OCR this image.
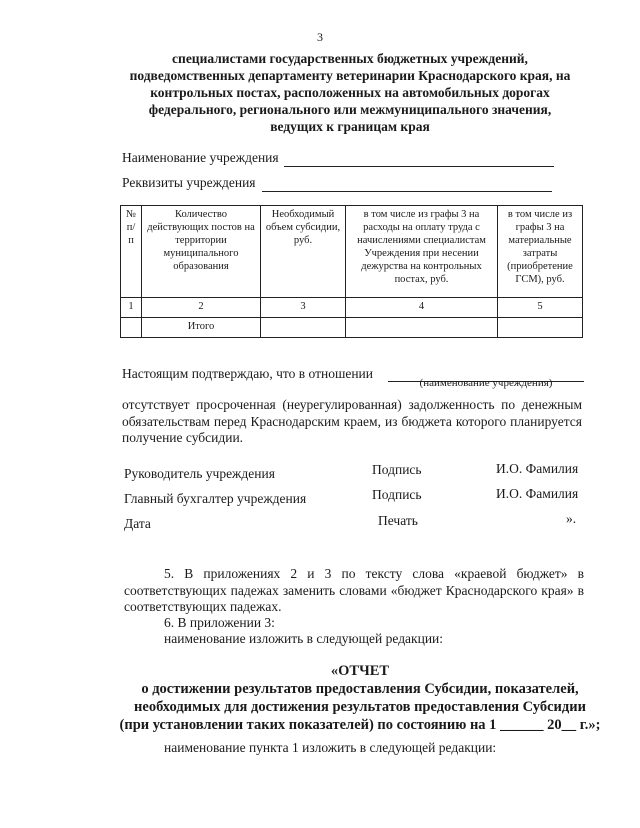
3
специалистами государственных бюджетных учреждений,
подведомственных департаменту ветеринарии Краснодарского края, на
контрольных постах, расположенных на автомобильных дорогах
федерального, регионального или межмуниципального значения,
ведущих к границам края
Наименование учреждения
Реквизиты учреждения
№ п/п	Количество действующих постов на территории муниципального образования	Необходимый объем субсидии, руб.	в том числе из графы 3 на расходы на оплату труда с начислениями специалистам Учреждения при несении дежурства на контрольных постах, руб.	в том числе из графы 3 на материальные затраты (приобретение ГСМ), руб.
1	2	3	4	5
	Итого			
Настоящим подтверждаю, что в отношении
(наименование учреждения)
отсутствует просроченная (неурегулированная) задолженность по денежным обязательствам перед Краснодарским краем, из бюджета которого планируется получение субсидии.
Руководитель учреждения	Подпись	И.О. Фамилия
Главный бухгалтер учреждения	Подпись	И.О. Фамилия
Дата	Печать	».
5. В приложениях 2 и 3 по тексту слова «краевой бюджет» в соответствующих падежах заменить словами «бюджет Краснодарского края» в соответствующих падежах.
6. В приложении 3:
наименование изложить в следующей редакции:
«ОТЧЕТ
о достижении результатов предоставления Субсидии, показателей,
необходимых для достижения результатов предоставления Субсидии
(при установлении таких показателей) по состоянию на 1 ______ 20__ г.»;
наименование пункта 1 изложить в следующей редакции:
